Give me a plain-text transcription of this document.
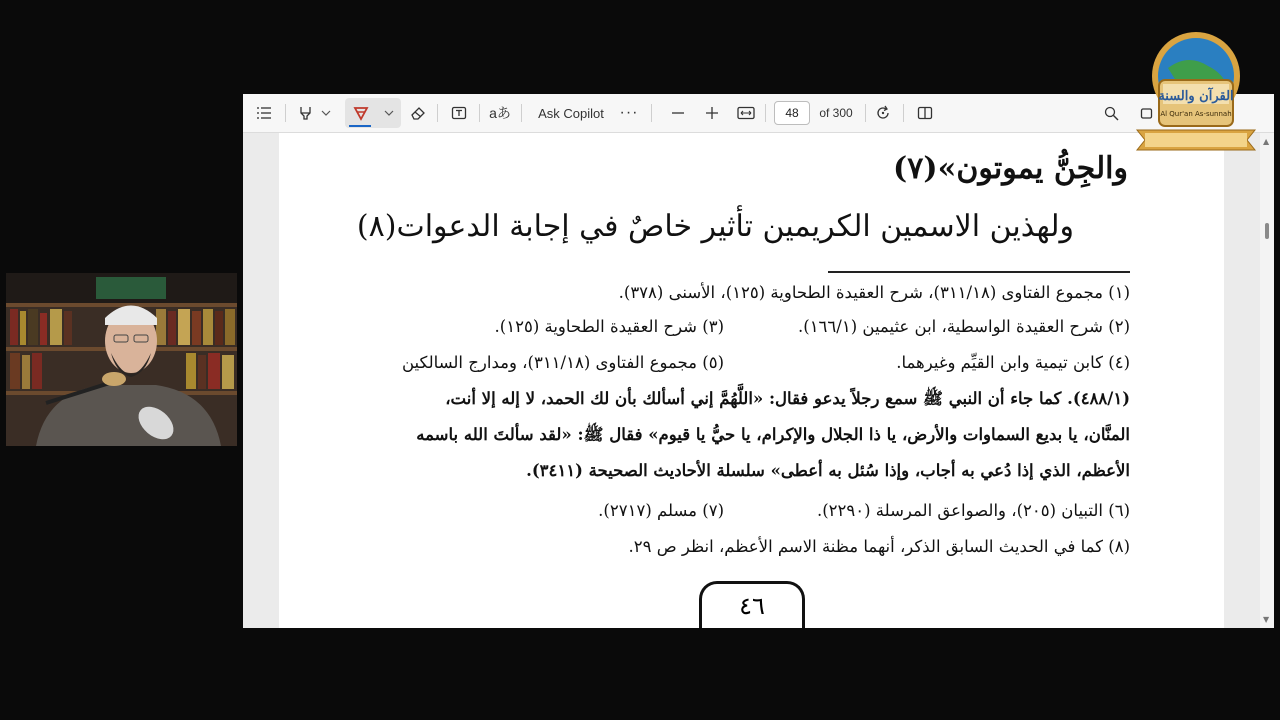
aあ	Ask Copilot ···	48	of 300
والجِنُّ يموتون»(٧)
ولهذين الاسمين الكريمين تأثير خاصٌ في إجابة الدعوات(٨)
(١) مجموع الفتاوى (٣١١/١٨)، شرح العقيدة الطحاوية (١٢٥)، الأسنى (٣٧٨).
(٢) شرح العقيدة الواسطية، ابن عثيمين (١٦٦/١).
(٣) شرح العقيدة الطحاوية (١٢٥).
(٤) كابن تيمية وابن القيِّم وغيرهما.
(٥) مجموع الفتاوى (٣١١/١٨)، ومدارج السالكين
(٤٨٨/١). كما جاء أن النبي ﷺ سمع رجلاً يدعو فقال: «اللَّهُمَّ إني أسألك بأن لك الحمد، لا إله إلا أنت،
المنَّان، يا بديع السماوات والأرض، يا ذا الجلال والإكرام، يا حيُّ يا قيوم» فقال ﷺ: «لقد سألتَ الله باسمه
الأعظم، الذي إذا دُعي به أجاب، وإذا سُئل به أعطى» سلسلة الأحاديث الصحيحة (٣٤١١).
(٦) التبيان (٢٠٥)، والصواعق المرسلة (٢٢٩٠).
(٧) مسلم (٢٧١٧).
(٨) كما في الحديث السابق الذكر، أنهما مظنة الاسم الأعظم، انظر ص ٢٩.
٤٦
▲
▼
القرآن والسنة
Al Qur'an As-sunnah
